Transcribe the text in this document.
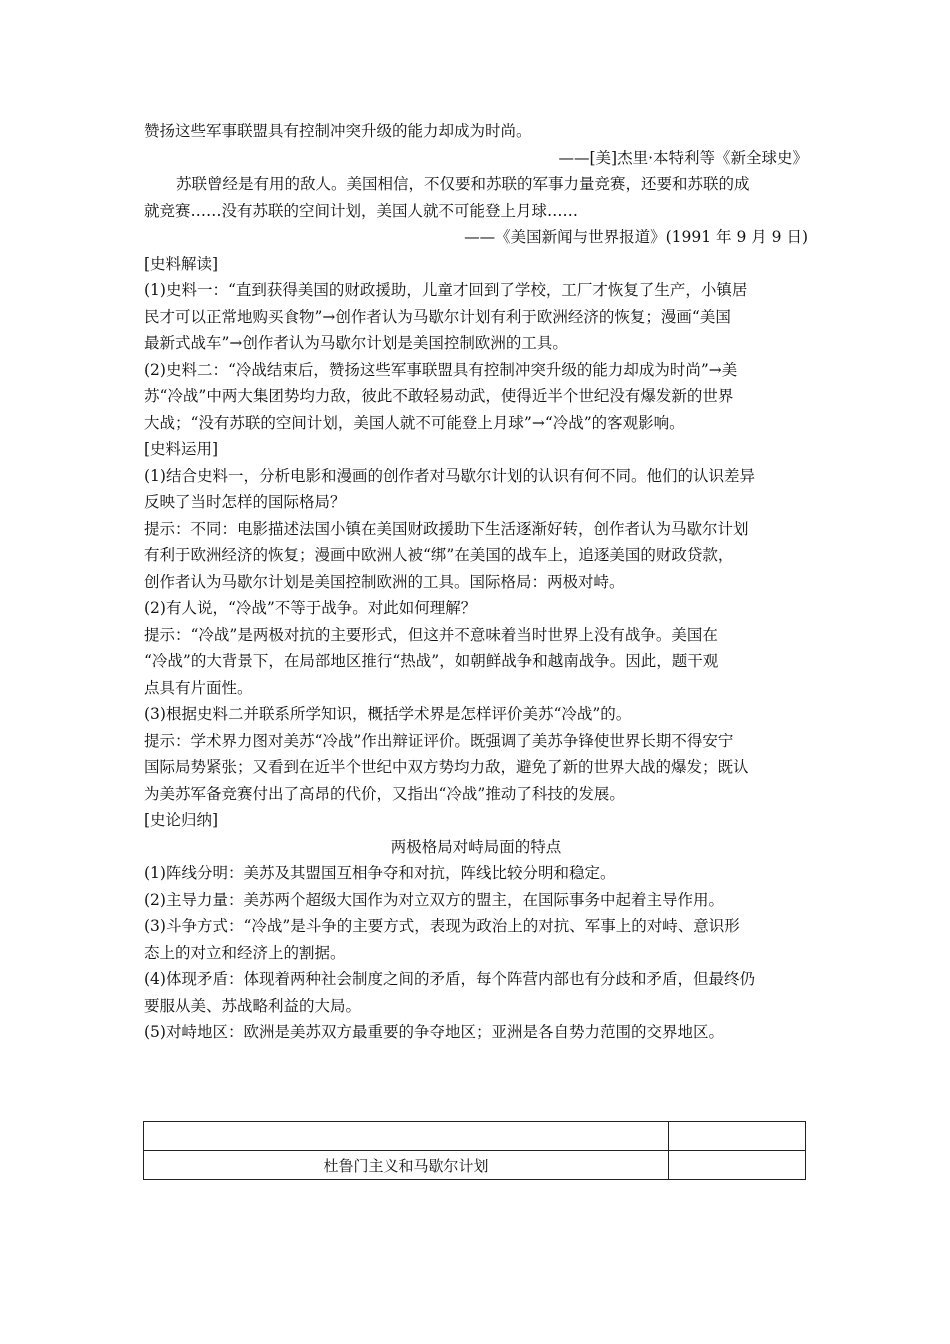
赞扬这些军事联盟具有控制冲突升级的能力却成为时尚。
——[美]杰里·本特利等《新全球史》
苏联曾经是有用的敌人。美国相信，不仅要和苏联的军事力量竞赛，还要和苏联的成
就竞赛……没有苏联的空间计划，美国人就不可能登上月球……
——《美国新闻与世界报道》(1991 年 9 月 9 日)
[史料解读]
(1)史料一：“直到获得美国的财政援助，儿童才回到了学校，工厂才恢复了生产，小镇居
民才可以正常地购买食物”→创作者认为马歇尔计划有利于欧洲经济的恢复；漫画“美国
最新式战车”→创作者认为马歇尔计划是美国控制欧洲的工具。
(2)史料二：“冷战结束后，赞扬这些军事联盟具有控制冲突升级的能力却成为时尚”→美
苏“冷战”中两大集团势均力敌，彼此不敢轻易动武，使得近半个世纪没有爆发新的世界
大战；“没有苏联的空间计划，美国人就不可能登上月球”→“冷战”的客观影响。
[史料运用]
(1)结合史料一，分析电影和漫画的创作者对马歇尔计划的认识有何不同。他们的认识差异
反映了当时怎样的国际格局？
提示：不同：电影描述法国小镇在美国财政援助下生活逐渐好转，创作者认为马歇尔计划
有利于欧洲经济的恢复；漫画中欧洲人被“绑”在美国的战车上，追逐美国的财政贷款，
创作者认为马歇尔计划是美国控制欧洲的工具。国际格局：两极对峙。
(2)有人说，“冷战”不等于战争。对此如何理解？
提示：“冷战”是两极对抗的主要形式，但这并不意味着当时世界上没有战争。美国在
“冷战”的大背景下，在局部地区推行“热战”，如朝鲜战争和越南战争。因此，题干观
点具有片面性。
(3)根据史料二并联系所学知识，概括学术界是怎样评价美苏“冷战”的。
提示：学术界力图对美苏“冷战”作出辩证评价。既强调了美苏争锋使世界长期不得安宁
国际局势紧张；又看到在近半个世纪中双方势均力敌，避免了新的世界大战的爆发；既认
为美苏军备竞赛付出了高昂的代价，又指出“冷战”推动了科技的发展。
[史论归纳]
两极格局对峙局面的特点
(1)阵线分明：美苏及其盟国互相争夺和对抗，阵线比较分明和稳定。
(2)主导力量：美苏两个超级大国作为对立双方的盟主，在国际事务中起着主导作用。
(3)斗争方式：“冷战”是斗争的主要方式，表现为政治上的对抗、军事上的对峙、意识形
态上的对立和经济上的割据。
(4)体现矛盾：体现着两种社会制度之间的矛盾，每个阵营内部也有分歧和矛盾，但最终仍
要服从美、苏战略利益的大局。
(5)对峙地区：欧洲是美苏双方最重要的争夺地区；亚洲是各自势力范围的交界地区。

杜鲁门主义和马歇尔计划	
